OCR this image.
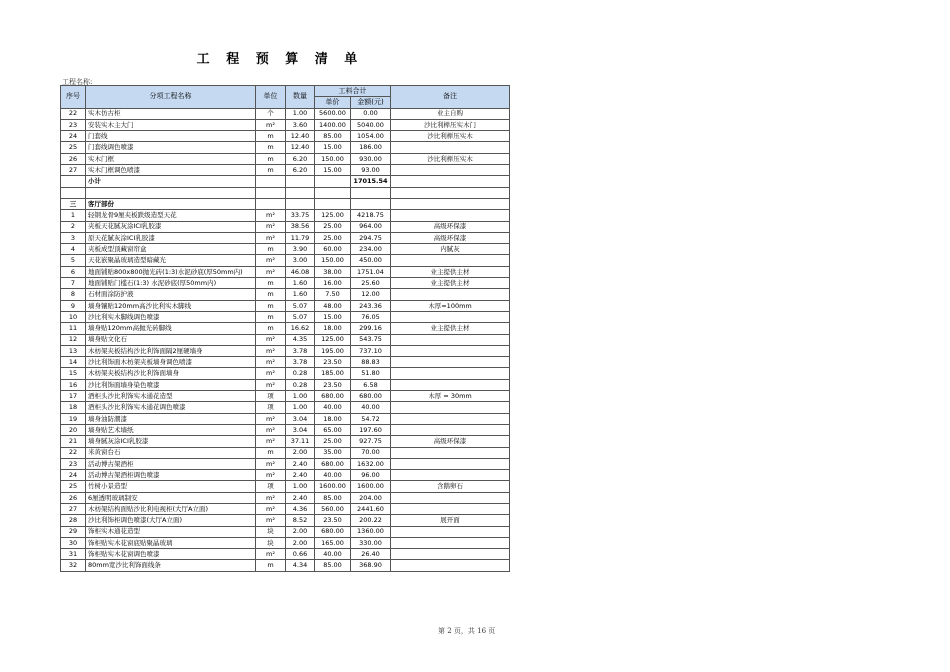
工 程 预 算 清 单
工程名称:
序号	分项工程名称	单位	数量	工料合计		备注
				单价	金额(元)	
22	实木仿古柜	个	1.00	5600.00	0.00	业主自购
23	安装实木主大门	m²	3.60	1400.00	5040.00	沙比利榉压实木门
24	门套线	m	12.40	85.00	1054.00	沙比利榉压实木
25	门套线调色喷漆	m	12.40	15.00	186.00	
26	实木门框	m	6.20	150.00	930.00	沙比利榉压实木
27	实木门框调色喷漆	m	6.20	15.00	93.00	
	小计				17015.54	

三	客厅部份					
1	轻钢龙骨9厘夹板跌级造型天花	m²	33.75	125.00	4218.75	
2	夹板天花腻灰涂ICI乳胶漆	m²	38.56	25.00	964.00	高级环保漆
3	原天花腻灰涂ICI乳胶漆	m²	11.79	25.00	294.75	高级环保漆
4	夹板成型顶藏窗帘盒	m	3.90	60.00	234.00	内腻灰
5	天花嵌聚晶玻璃造型暗藏光	m²	3.00	150.00	450.00	
6	地面铺贴800x800抛光砖(1:3)水泥砂底(厚50mm内)	m²	46.08	38.00	1751.04	业主提供主材
7	地面铺贴门槛石(1:3) 水泥砂底(厚50mm内)	m	1.60	16.00	25.60	业主提供主材
8	石材面涂防护液	m	1.60	7.50	12.00	
9	墙身镶贴120mm高沙比利实木脚线	m	5.07	48.00	243.36	木厚=100mm
10	沙比利实木脚线调色喷漆	m	5.07	15.00	76.05	
11	墙身贴120mm高抛光砖脚线	m	16.62	18.00	299.16	业主提供主材
12	墙身贴文化石	m²	4.35	125.00	543.75	
13	木枋架夹板结构沙比利饰面隔2厘硬墙身	m²	3.78	195.00	737.10	
14	沙比利饰面木枋架夹板墙身调色喷漆	m²	3.78	23.50	88.83	
15	木枋架夹板结构沙比利饰面墙身	m²	0.28	185.00	51.80	
16	沙比利饰面墙身染色喷漆	m²	0.28	23.50	6.58	
17	酒柜头沙比利饰实木通花造型	项	1.00	680.00	680.00	木厚 = 30mm
18	酒柜头沙比利饰实木通花调色喷漆	项	1.00	40.00	40.00	
19	墙身油防潮漆	m²	3.04	18.00	54.72	
20	墙身贴艺术墙纸	m²	3.04	65.00	197.60	
21	墙身腻灰涂ICI乳胶漆	m²	37.11	25.00	927.75	高级环保漆
22	米黄窗台石	m	2.00	35.00	70.00	
23	活动博古架酒柜	m²	2.40	680.00	1632.00	
24	活动博古架酒柜调色喷漆	m²	2.40	40.00	96.00	
25	竹树小景造型	项	1.00	1600.00	1600.00	含鹅卵石
26	6厘透明玻璃制安	m²	2.40	85.00	204.00	
27	木枋架结构面贴沙比利电视柜(大厅A立面)	m²	4.36	560.00	2441.60	
28	沙比利饰柜调色喷漆(大厅A立面)	m²	8.52	23.50	200.22	展开面
29	饰柜实木通花造型	块	2.00	680.00	1360.00	
30	饰柜贴实木花窗底贴聚晶玻璃	块	2.00	165.00	330.00	
31	饰柜贴实木花窗调色喷漆	m²	0.66	40.00	26.40	
32	80mm宽沙比利饰面线条	m	4.34	85.00	368.90	
第 2 页，共 16 页
